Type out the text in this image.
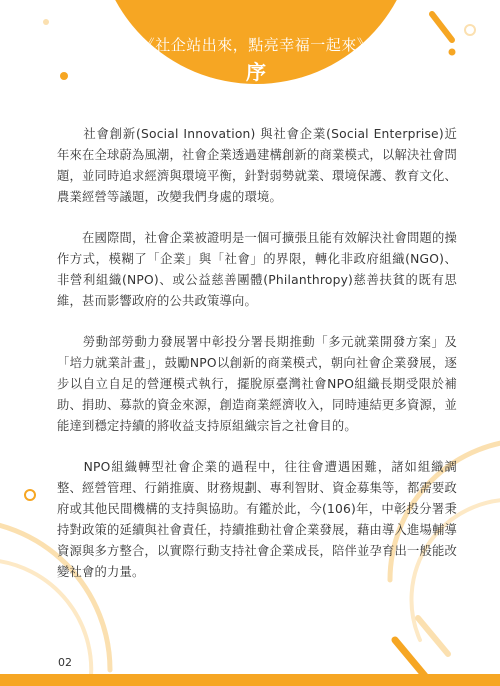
《社企站出來，點亮幸福一起來》
序

　　社會創新(Social Innovation) 與社會企業(Social Enterprise)近年來在全球蔚為風潮，社會企業透過建構創新的商業模式，以解決社會問題，並同時追求經濟與環境平衡，針對弱勢就業、環境保護、教育文化、農業經營等議題，改變我們身處的環境。

　　在國際間，社會企業被證明是一個可擴張且能有效解決社會問題的操作方式，模糊了「企業」與「社會」的界限，轉化非政府組織(NGO)、非營利組織(NPO)、或公益慈善團體(Philanthropy)慈善扶貧的既有思維，甚而影響政府的公共政策導向。

　　勞動部勞動力發展署中彰投分署長期推動「多元就業開發方案」及「培力就業計畫」，鼓勵NPO以創新的商業模式，朝向社會企業發展，逐步以自立自足的營運模式執行，擺脫原臺灣社會NPO組織長期受限於補助、捐助、募款的資金來源，創造商業經濟收入，同時連結更多資源，並能達到穩定持續的將收益支持原組織宗旨之社會目的。

　　NPO組織轉型社會企業的過程中，往往會遭遇困難，諸如組織調整、經營管理、行銷推廣、財務規劃、專利智財、資金募集等，都需要政府或其他民間機構的支持與協助。有鑑於此，今(106)年，中彰投分署秉持對政策的延續與社會責任，持續推動社會企業發展，藉由導入進場輔導資源與多方整合，以實際行動支持社會企業成長，陪伴並孕育出一般能改變社會的力量。

02
